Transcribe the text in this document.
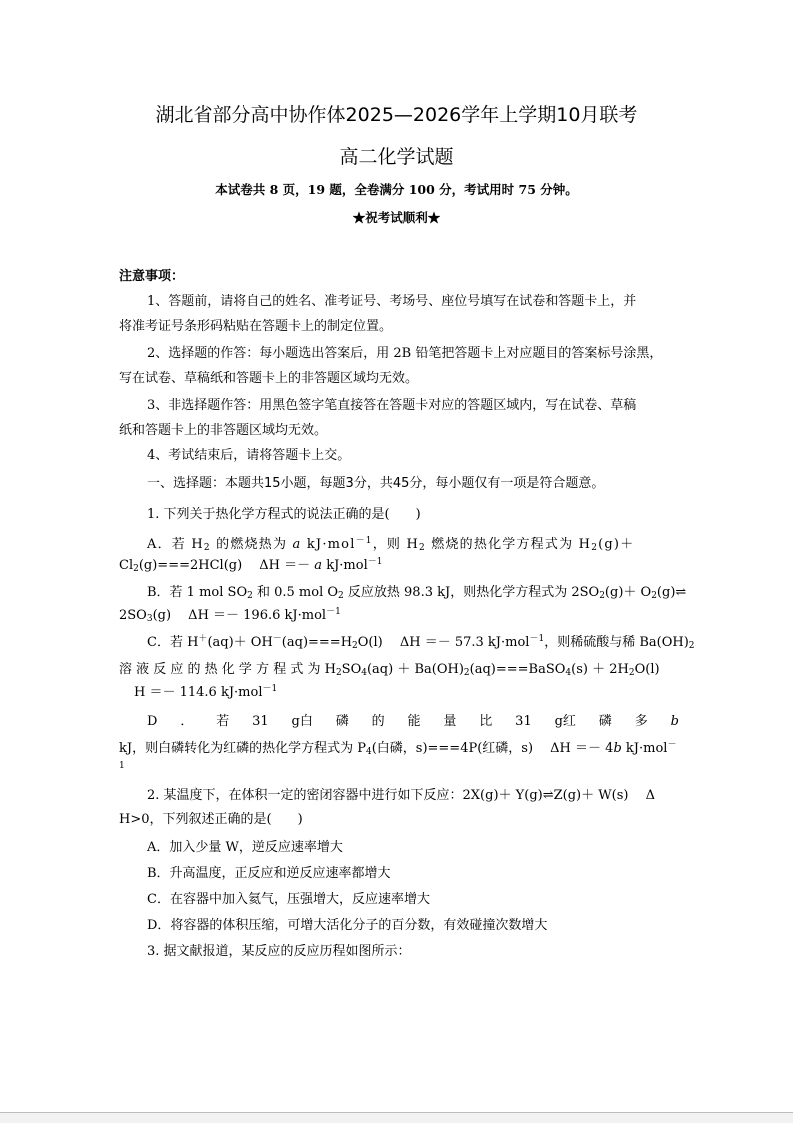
湖北省部分高中协作体2025—2026学年上学期10月联考
高二化学试题
本试卷共 8 页，19 题，全卷满分 100 分，考试用时 75 分钟。
★祝考试顺利★
注意事项：
1、答题前，请将自己的姓名、准考证号、考场号、座位号填写在试卷和答题卡上，并
将准考证号条形码粘贴在答题卡上的制定位置。
2、选择题的作答：每小题选出答案后，用 2B 铅笔把答题卡上对应题目的答案标号涂黑，
写在试卷、草稿纸和答题卡上的非答题区域均无效。
3、非选择题作答：用黑色签字笔直接答在答题卡对应的答题区域内，写在试卷、草稿
纸和答题卡上的非答题区域均无效。
4、考试结束后，请将答题卡上交。
一、选择题：本题共15小题，每题3分，共45分，每小题仅有一项是符合题意。
1. 下列关于热化学方程式的说法正确的是(　　)
A．若 $H_2$ 的燃烧热为 a kJ·mol$^{-1}$，则 $H_2$ 燃烧的热化学方程式为 $H_2(g)+$
$Cl_2(g)===2HCl(g)$　 ΔH ＝－ a kJ·mol$^{-1}$
B．若 1 mol $SO_2$ 和 0.5 mol $O_2$ 反应放热 98.3 kJ，则热化学方程式为 $2SO_2(g)+$ $O_2(g)\rightleftharpoons$
$2SO_3(g)$　 ΔH ＝－ 196.6 kJ·mol$^{-1}$
C．若 $H^+(aq)+ OH^-(aq)===H_2O(l)$　 ΔH ＝－ 57.3 kJ·mol$^{-1}$，则稀硫酸与稀 $Ba(OH)_2$
溶 液 反 应 的 热 化 学 方 程 式 为 $H_2SO_4(aq)$ ＋ $Ba(OH)_2(aq)===BaSO_4(s) + 2H_2O(l)$
H ＝－ 114.6 kJ·mol$^{-1}$
D ． 若 31 g白 磷 的 能 量 比 31 g红 磷 多 b
kJ，则白磷转化为红磷的热化学方程式为 $P_4$(白磷，s)===4P(红磷，s)　 ΔH ＝－ 4b kJ·mol－
1
2. 某温度下，在体积一定的密闭容器中进行如下反应：2X(g)＋ Y(g)⇌Z(g)＋ W(s)　 Δ
H>0，下列叙述正确的是(　　)
A．加入少量 W，逆反应速率增大
B．升高温度，正反应和逆反应速率都增大
C．在容器中加入氦气，压强增大，反应速率增大
D．将容器的体积压缩，可增大活化分子的百分数，有效碰撞次数增大
3. 据文献报道，某反应的反应历程如图所示：
